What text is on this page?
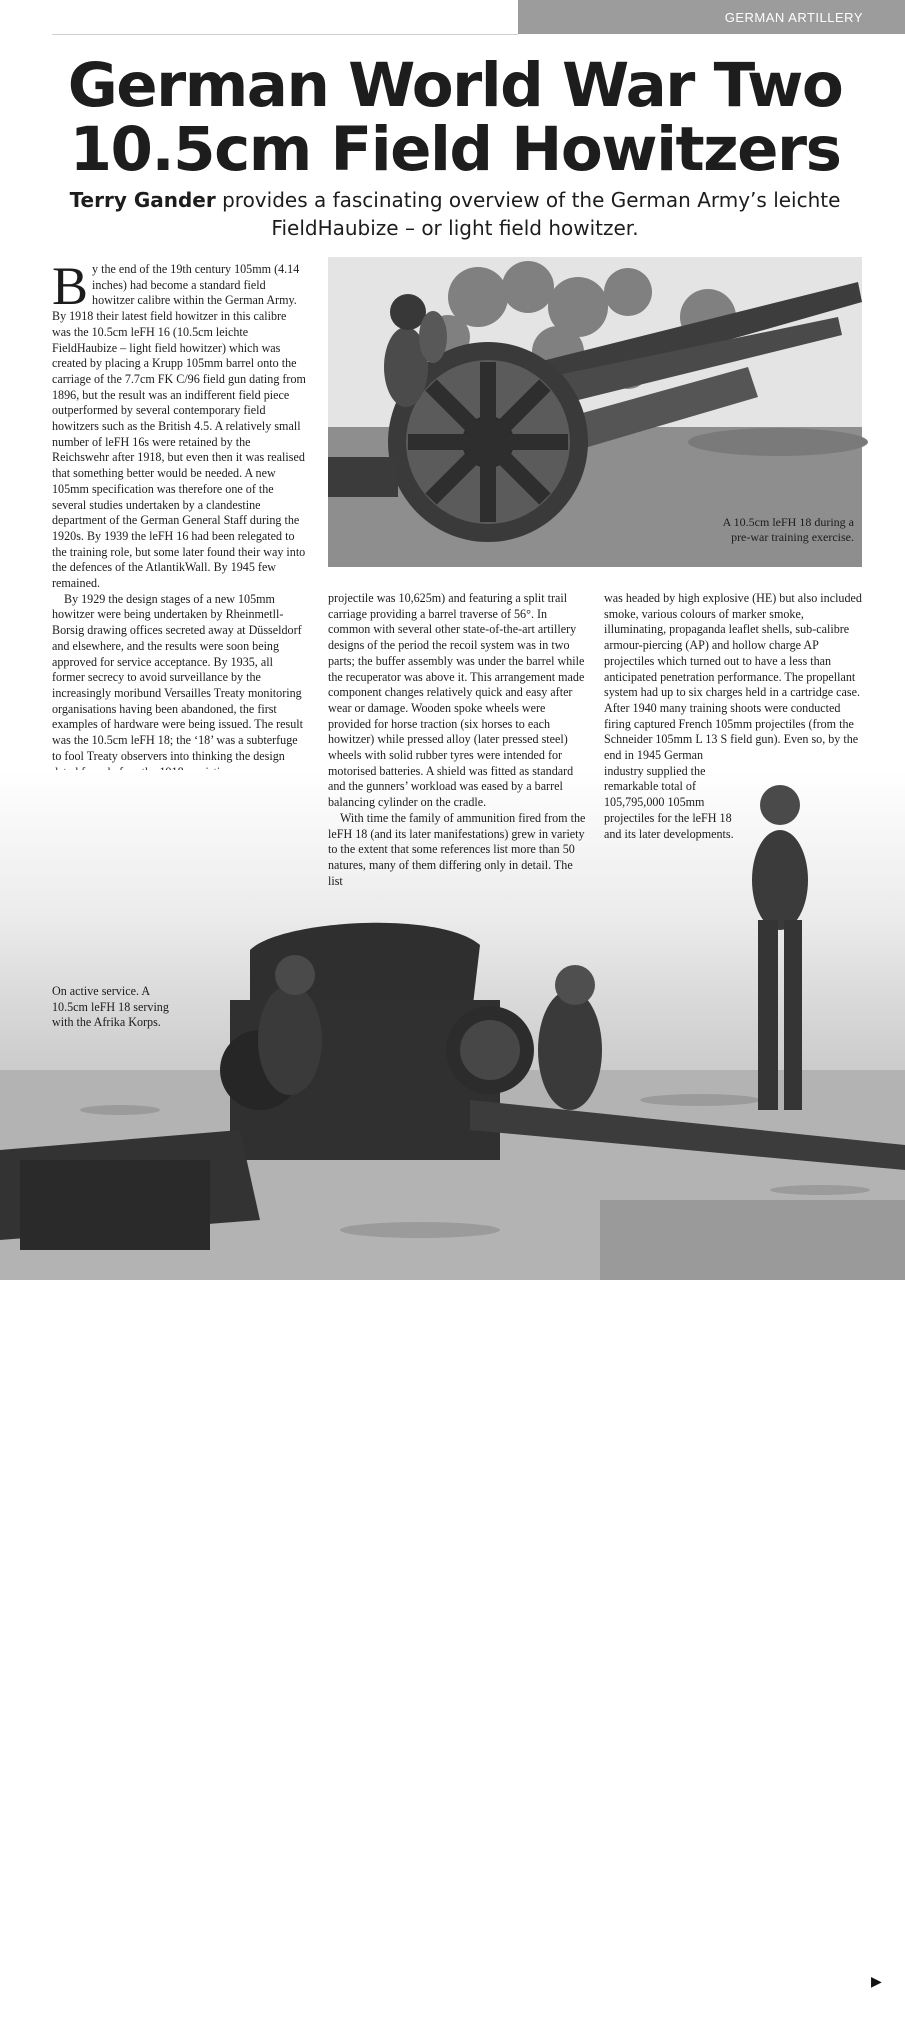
GERMAN ARTILLERY
German World War Two
10.5cm Field Howitzers
Terry Gander provides a fascinating overview of the German Army’s leichte FieldHaubize – or light field howitzer.

By the end of the 19th century 105mm (4.14 inches) had become a standard field howitzer calibre within the German Army. By 1918 their latest field howitzer in this calibre was the 10.5cm leFH 16 (10.5cm leichte FieldHaubize – light field howitzer) which was created by placing a Krupp 105mm barrel onto the carriage of the 7.7cm FK C/96 field gun dating from 1896, but the result was an indifferent field piece outperformed by several contemporary field howitzers such as the British 4.5. A relatively small number of leFH 16s were retained by the Reichswehr after 1918, but even then it was realised that something better would be needed. A new 105mm specification was therefore one of the several studies undertaken by a clandestine department of the German General Staff during the 1920s. By 1939 the leFH 16 had been relegated to the training role, but some later found their way into the defences of the AtlantikWall. By 1945 few remained.

By 1929 the design stages of a new 105mm howitzer were being undertaken by Rheinmetll-Borsig drawing offices secreted away at Düsseldorf and elsewhere, and the results were soon being approved for service acceptance. By 1935, all former secrecy to avoid surveillance by the increasingly moribund Versailles Treaty monitoring organisations having been abandoned, the first examples of hardware were being issued. The result was the 10.5cm leFH 18; the ‘18’ was a subterfuge to fool Treaty observers into thinking the design

A 10.5cm leFH 18 during a pre-war training exercise.
▶
www.militaria-history.co.uk • September/October 2016 • Armourer 65

projectile was 10,625m) and featuring a split trail carriage providing a barrel traverse of 56°. In common with several other state-of-the-art artillery designs of the period the recoil system was in two parts; the buffer assembly was under the barrel while the recuperator was above it. This arrangement made component changes relatively quick and easy after wear or damage. Wooden spoke wheels were provided for horse traction (six horses to each howitzer) while pressed alloy (later pressed steel) wheels with solid rubber tyres were intended for motorised batteries. A shield was fitted as standard and the gunners’ workload was eased by a barrel balancing cylinder on the cradle.

With time the family of ammunition fired from the leFH 18 (and its later manifestations) grew in variety to the extent that some references list more than 50 natures, many of them differing only in detail. The list

was headed by high explosive (HE) but also included smoke, various colours of marker smoke, illuminating, propaganda leaflet shells, sub-calibre armour-piercing (AP) and hollow charge AP projectiles which turned out to have a less than anticipated penetration performance. The propellant system had up to six charges held in a cartridge case. After 1940 many training shoots were conducted firing captured French 105mm projectiles (from the Schneider 105mm L 13 S field gun). Even so, by the end in 1945 German

industry supplied the remarkable total of 105,795,000 105mm projectiles for the leFH 18 and its later developments.
On active service. A 10.5cm leFH 18 serving with the Afrika Korps.
